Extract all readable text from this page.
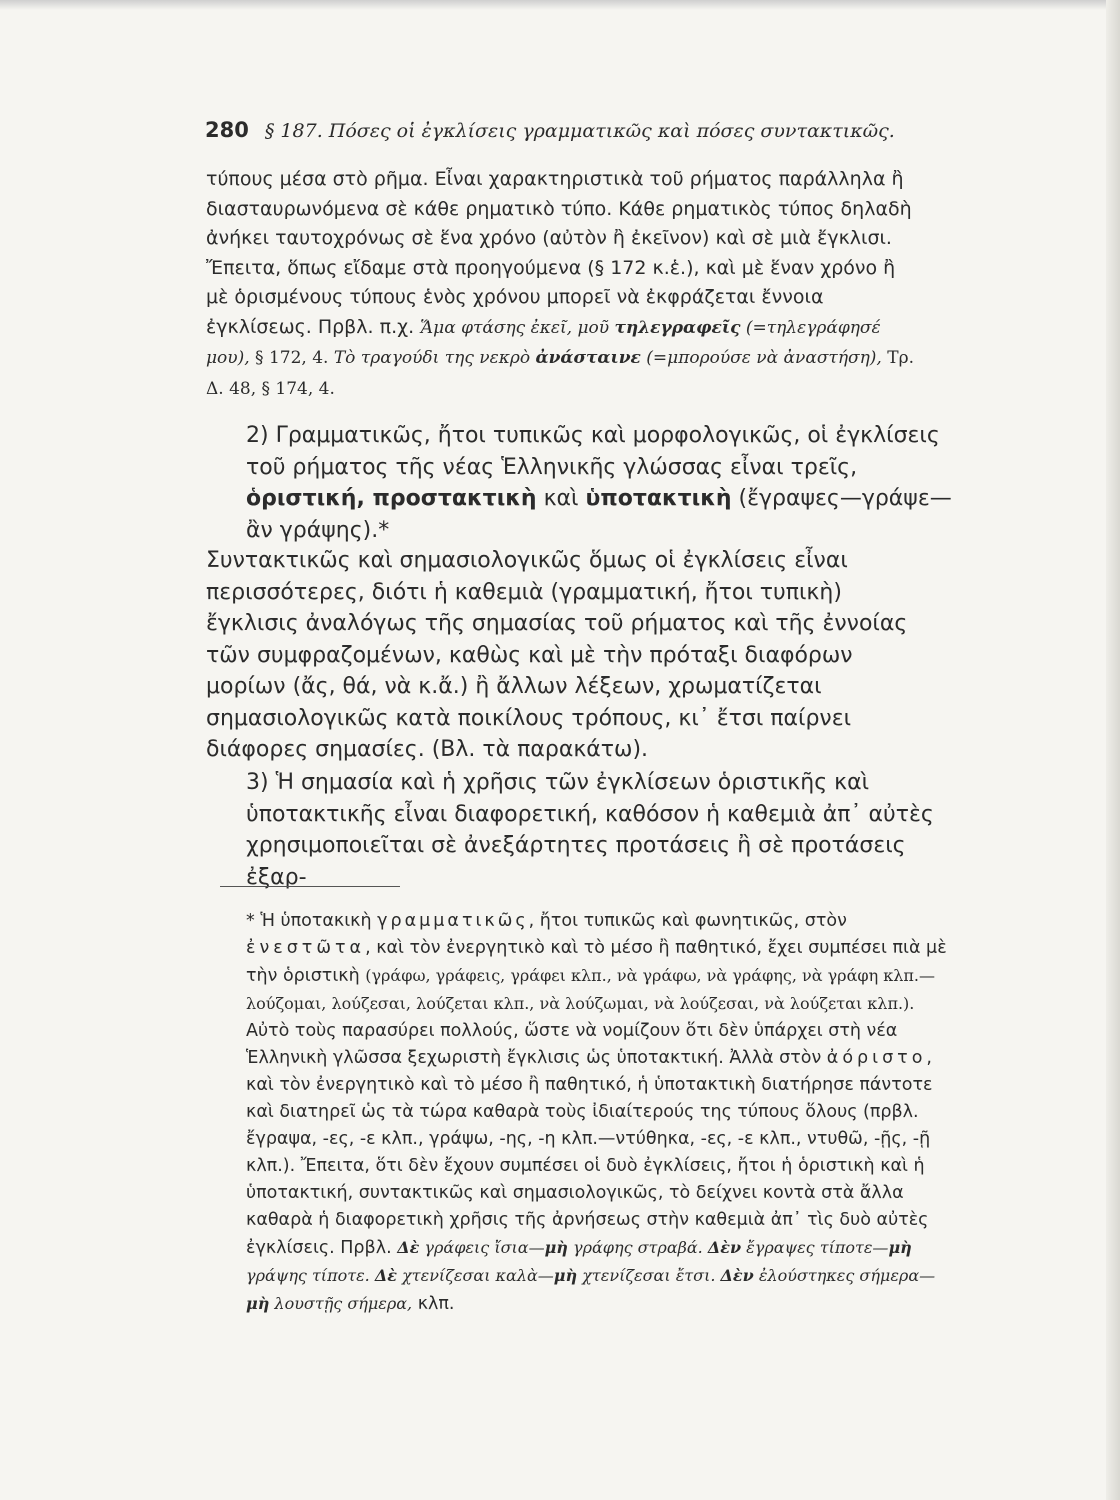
280 § 187. Πόσες οἱ ἐγκλίσεις γραμματικῶς καὶ πόσες συντακτικῶς.
τύπους μέσα στὸ ρῆμα. Εἶναι χαρακτηριστικὰ τοῦ ρήματος παράλληλα ἢ διασταυρωνόμενα σὲ κάθε ρηματικὸ τύπο. Κάθε ρηματικὸς τύπος δηλαδὴ ἀνήκει ταυτοχρόνως σὲ ἕνα χρόνο (αὐτὸν ἢ ἐκεῖνον) καὶ σὲ μιὰ ἔγκλισι. Ἔπειτα, ὅπως εἴδαμε στὰ προηγούμενα (§ 172 κ.ἑ.), καὶ μὲ ἕναν χρόνο ἢ μὲ ὁρισμένους τύπους ἑνὸς χρόνου μπορεῖ νὰ ἐκφράζεται ἔννοια ἐγκλίσεως. Πρβλ. π.χ. Ἅμα φτάσης ἐκεῖ, μοῦ τηλεγραφεῖς (=τηλεγράφησέ μου), § 172, 4. Τὸ τραγούδι της νεκρὸ ἀνάσταινε (=μπορούσε νὰ ἀναστήση), Τρ. Δ. 48, § 174, 4.
2) Γραμματικῶς, ἤτοι τυπικῶς καὶ μορφολογικῶς, οἱ ἐγκλίσεις τοῦ ρήματος τῆς νέας Ἑλληνικῆς γλώσσας εἶναι τρεῖς, ὁριστική, προστακτικὴ καὶ ὑποτακτικὴ (ἔγραψες—γράψε—ἂν γράψης).*
Συντακτικῶς καὶ σημασιολογικῶς ὅμως οἱ ἐγκλίσεις εἶναι περισσότερες, διότι ἡ καθεμιὰ (γραμματική, ἤτοι τυπικὴ) ἔγκλισις ἀναλόγως τῆς σημασίας τοῦ ρήματος καὶ τῆς ἐννοίας τῶν συμφραζομένων, καθὼς καὶ μὲ τὴν πρόταξι διαφόρων μορίων (ἄς, θά, νὰ κ.ἄ.) ἢ ἄλλων λέξεων, χρωματίζεται σημασιολογικῶς κατὰ ποικίλους τρόπους, κι᾽ ἔτσι παίρνει διάφορες σημασίες. (Βλ. τὰ παρακάτω).
3) Ἡ σημασία καὶ ἡ χρῆσις τῶν ἐγκλίσεων ὁριστικῆς καὶ ὑποτακτικῆς εἶναι διαφορετική, καθόσον ἡ καθεμιὰ ἀπ᾽ αὐτὲς χρησιμοποιεῖται σὲ ἀνεξάρτητες προτάσεις ἢ σὲ προτάσεις ἐξαρ-
* Ἡ ὑποτακικὴ γραμματικῶς, ἤτοι τυπικῶς καὶ φωνητικῶς, στὸν ἐνεστῶτα, καὶ τὸν ἐνεργητικὸ καὶ τὸ μέσο ἢ παθητικό, ἔχει συμπέσει πιὰ μὲ τὴν ὁριστικὴ (γράφω, γράφεις, γράφει κλπ., νὰ γράφω, νὰ γράφης, νὰ γράφη κλπ.—λούζομαι, λούζεσαι, λούζεται κλπ., νὰ λούζωμαι, νὰ λούζεσαι, νὰ λούζεται κλπ.). Αὐτὸ τοὺς παρασύρει πολλούς, ὥστε νὰ νομίζουν ὅτι δὲν ὑπάρχει στὴ νέα Ἑλληνικὴ γλῶσσα ξεχωριστὴ ἔγκλισις ὡς ὑποτακτική. Ἀλλὰ στὸν ἀόριστο, καὶ τὸν ἐνεργητικὸ καὶ τὸ μέσο ἢ παθητικό, ἡ ὑποτακτικὴ διατήρησε πάντοτε καὶ διατηρεῖ ὡς τὰ τώρα καθαρὰ τοὺς ἰδιαίτερούς της τύπους ὅλους (πρβλ. ἔγραψα, -ες, -ε κλπ., γράψω, -ης, -η κλπ.—ντύθηκα, -ες, -ε κλπ., ντυθῶ, -ῇς, -ῇ κλπ.). Ἔπειτα, ὅτι δὲν ἔχουν συμπέσει οἱ δυὸ ἐγκλίσεις, ἤτοι ἡ ὁριστικὴ καὶ ἡ ὑποτακτική, συντακτικῶς καὶ σημασιολογικῶς, τὸ δείχνει κοντὰ στὰ ἄλλα καθαρὰ ἡ διαφορετικὴ χρῆσις τῆς ἀρνήσεως στὴν καθεμιὰ ἀπ᾽ τὶς δυὸ αὐτὲς ἐγκλίσεις. Πρβλ. Δὲ γράφεις ἴσια—μὴ γράφης στραβά. Δὲν ἔγραψες τίποτε—μὴ γράψης τίποτε. Δὲ χτενίζεσαι καλὰ—μὴ χτενίζεσαι ἔτσι. Δὲν ἐλούστηκες σήμερα—μὴ λουστῇς σήμερα, κλπ.
